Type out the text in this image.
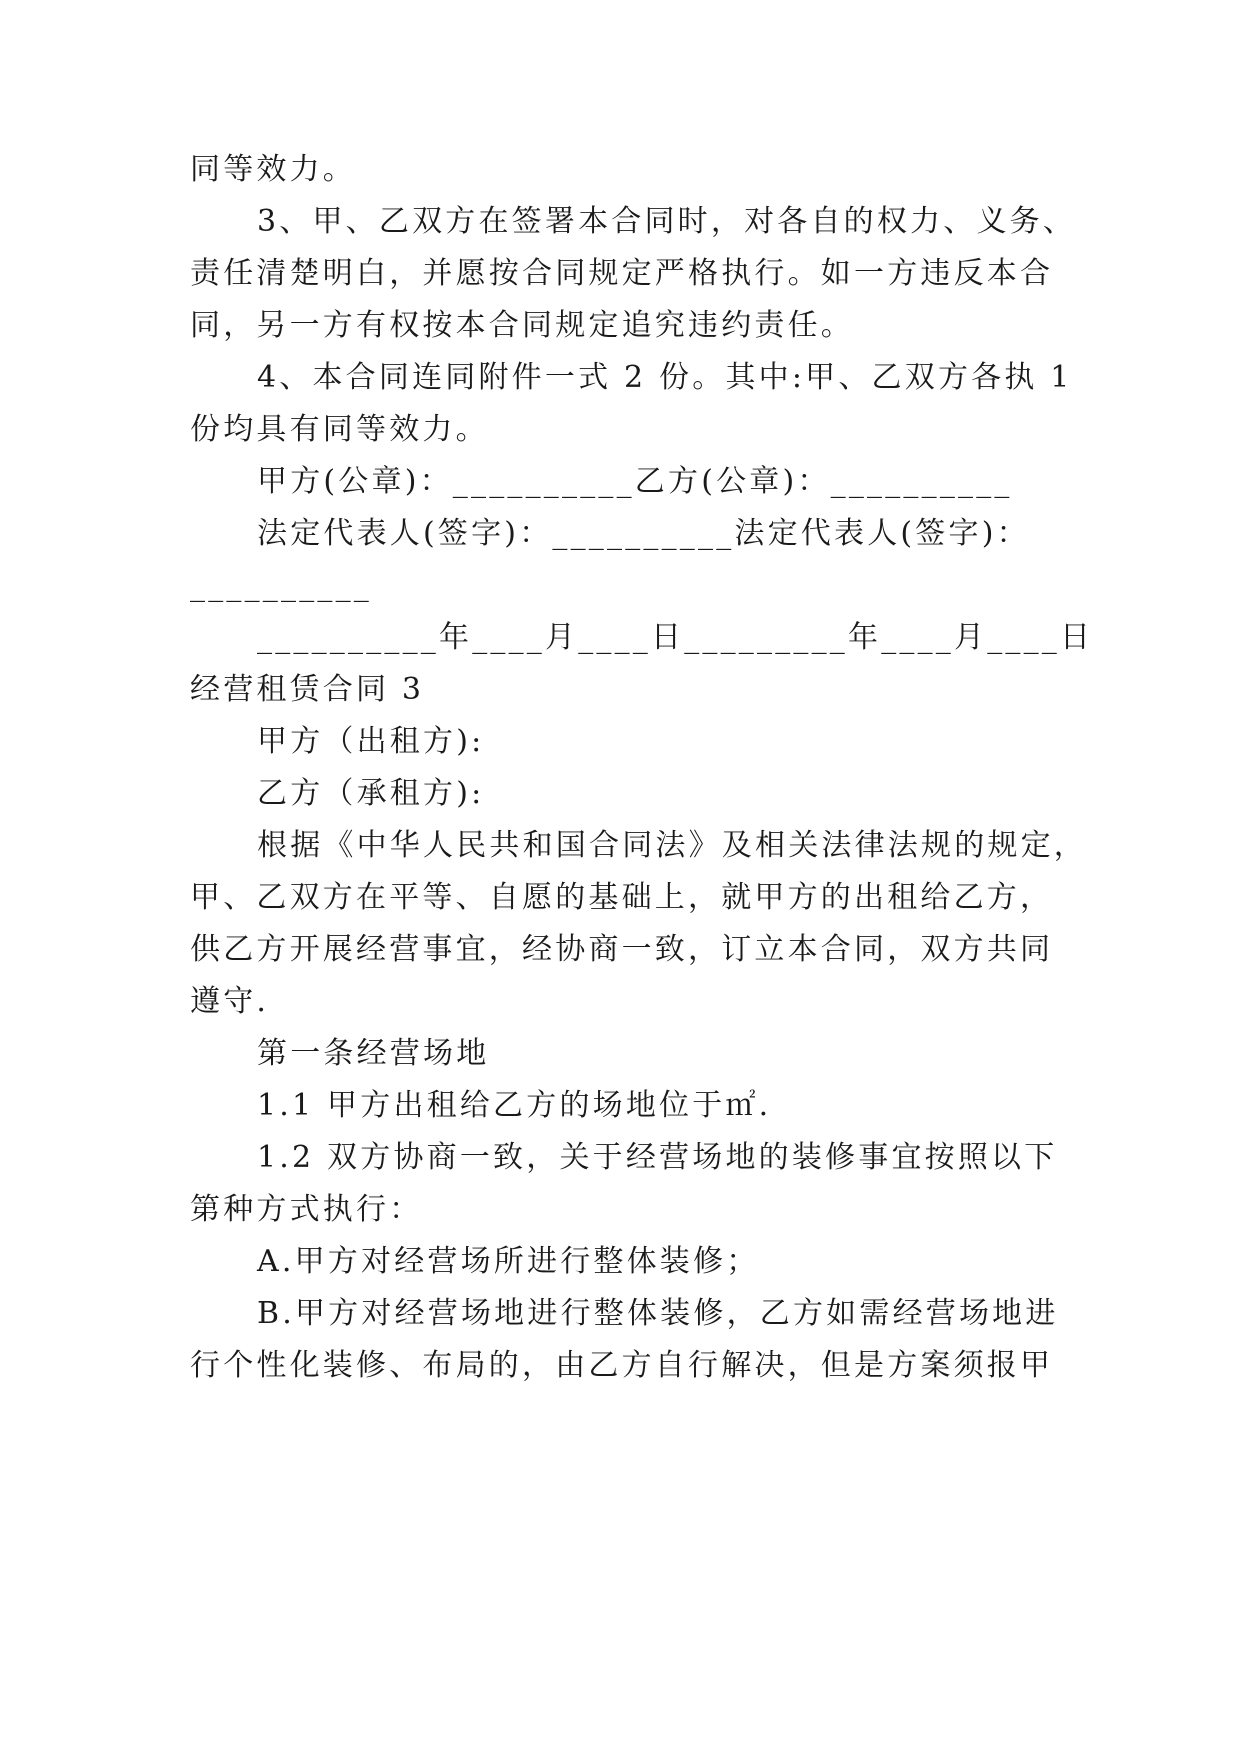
同等效力。
3、甲、乙双方在签署本合同时，对各自的权力、义务、
责任清楚明白，并愿按合同规定严格执行。如一方违反本合
同，另一方有权按本合同规定追究违约责任。
4、本合同连同附件一式 2 份。其中:甲、乙双方各执 1
份均具有同等效力。
甲方(公章)：__________乙方(公章)：__________
法定代表人(签字)：__________法定代表人(签字)：
__________
__________年____月____日_________年____月____日
经营租赁合同 3
甲方（出租方):
乙方（承租方):
根据《中华人民共和国合同法》及相关法律法规的规定，
甲、乙双方在平等、自愿的基础上，就甲方的出租给乙方，
供乙方开展经营事宜，经协商一致，订立本合同，双方共同
遵守.
第一条经营场地
1.1 甲方出租给乙方的场地位于㎡.
1.2 双方协商一致，关于经营场地的装修事宜按照以下
第种方式执行：
A.甲方对经营场所进行整体装修；
B.甲方对经营场地进行整体装修，乙方如需经营场地进
行个性化装修、布局的，由乙方自行解决，但是方案须报甲
